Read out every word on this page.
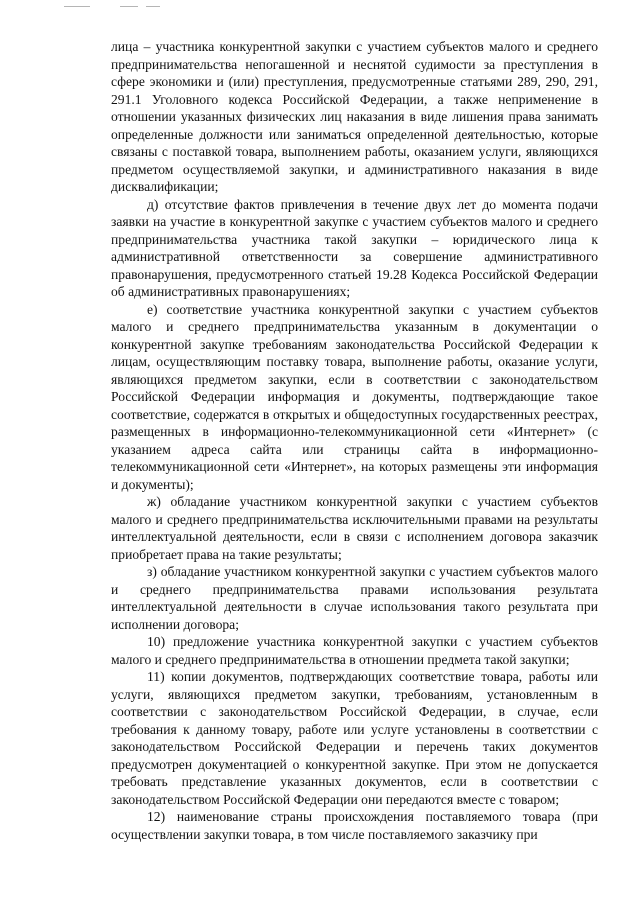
лица – участника конкурентной закупки с участием субъектов малого и среднего предпринимательства непогашенной и неснятой судимости за преступления в сфере экономики и (или) преступления, предусмотренные статьями 289, 290, 291, 291.1 Уголовного кодекса Российской Федерации, а также неприменение в отношении указанных физических лиц наказания в виде лишения права занимать определенные должности или заниматься определенной деятельностью, которые связаны с поставкой товара, выполнением работы, оказанием услуги, являющихся предметом осуществляемой закупки, и административного наказания в виде дисквалификации;

д) отсутствие фактов привлечения в течение двух лет до момента подачи заявки на участие в конкурентной закупке с участием субъектов малого и среднего предпринимательства участника такой закупки – юридического лица к административной ответственности за совершение административного правонарушения, предусмотренного статьей 19.28 Кодекса Российской Федерации об административных правонарушениях;

е) соответствие участника конкурентной закупки с участием субъектов малого и среднего предпринимательства указанным в документации о конкурентной закупке требованиям законодательства Российской Федерации к лицам, осуществляющим поставку товара, выполнение работы, оказание услуги, являющихся предметом закупки, если в соответствии с законодательством Российской Федерации информация и документы, подтверждающие такое соответствие, содержатся в открытых и общедоступных государственных реестрах, размещенных в информационно-телекоммуникационной сети «Интернет» (с указанием адреса сайта или страницы сайта в информационно-телекоммуникационной сети «Интернет», на которых размещены эти информация и документы);

ж) обладание участником конкурентной закупки с участием субъектов малого и среднего предпринимательства исключительными правами на результаты интеллектуальной деятельности, если в связи с исполнением договора заказчик приобретает права на такие результаты;

з) обладание участником конкурентной закупки с участием субъектов малого и среднего предпринимательства правами использования результата интеллектуальной деятельности в случае использования такого результата при исполнении договора;

10) предложение участника конкурентной закупки с участием субъектов малого и среднего предпринимательства в отношении предмета такой закупки;

11) копии документов, подтверждающих соответствие товара, работы или услуги, являющихся предметом закупки, требованиям, установленным в соответствии с законодательством Российской Федерации, в случае, если требования к данному товару, работе или услуге установлены в соответствии с законодательством Российской Федерации и перечень таких документов предусмотрен документацией о конкурентной закупке. При этом не допускается требовать представление указанных документов, если в соответствии с законодательством Российской Федерации они передаются вместе с товаром;

12) наименование страны происхождения поставляемого товара (при осуществлении закупки товара, в том числе поставляемого заказчику при
